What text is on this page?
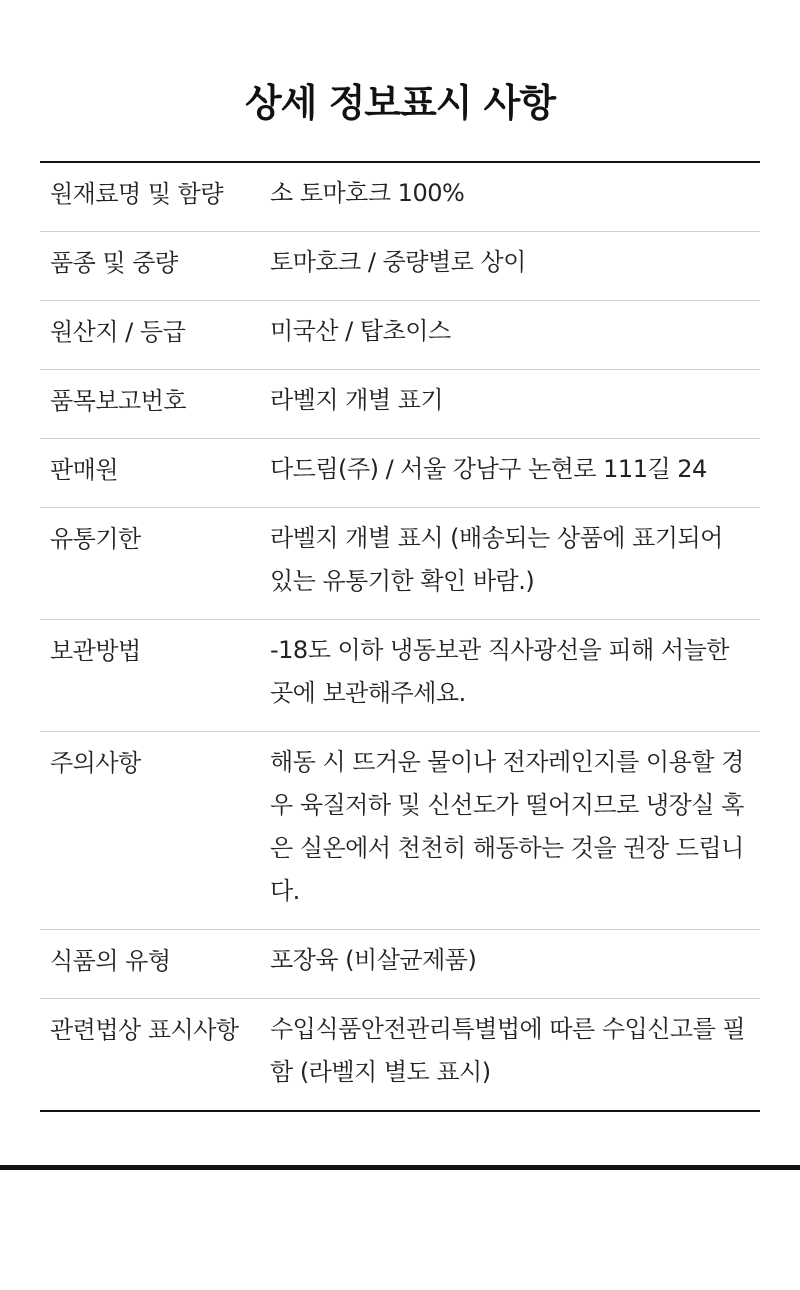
상세 정보표시 사항
원재료명 및 함량	소 토마호크 100%
품종 및 중량	토마호크 / 중량별로 상이
원산지 / 등급	미국산 / 탑초이스
품목보고번호	라벨지 개별 표기
판매원	다드림(주) / 서울 강남구 논현로 111길 24
유통기한	라벨지 개별 표시 (배송되는 상품에 표기되어 있는 유통기한 확인 바람.)
보관방법	-18도 이하 냉동보관 직사광선을 피해 서늘한 곳에 보관해주세요.
주의사항	해동 시 뜨거운 물이나 전자레인지를 이용할 경우 육질저하 및 신선도가 떨어지므로 냉장실 혹은 실온에서 천천히 해동하는 것을 권장 드립니다.
식품의 유형	포장육 (비살균제품)
관련법상 표시사항	수입식품안전관리특별법에 따른 수입신고를 필함 (라벨지 별도 표시)
